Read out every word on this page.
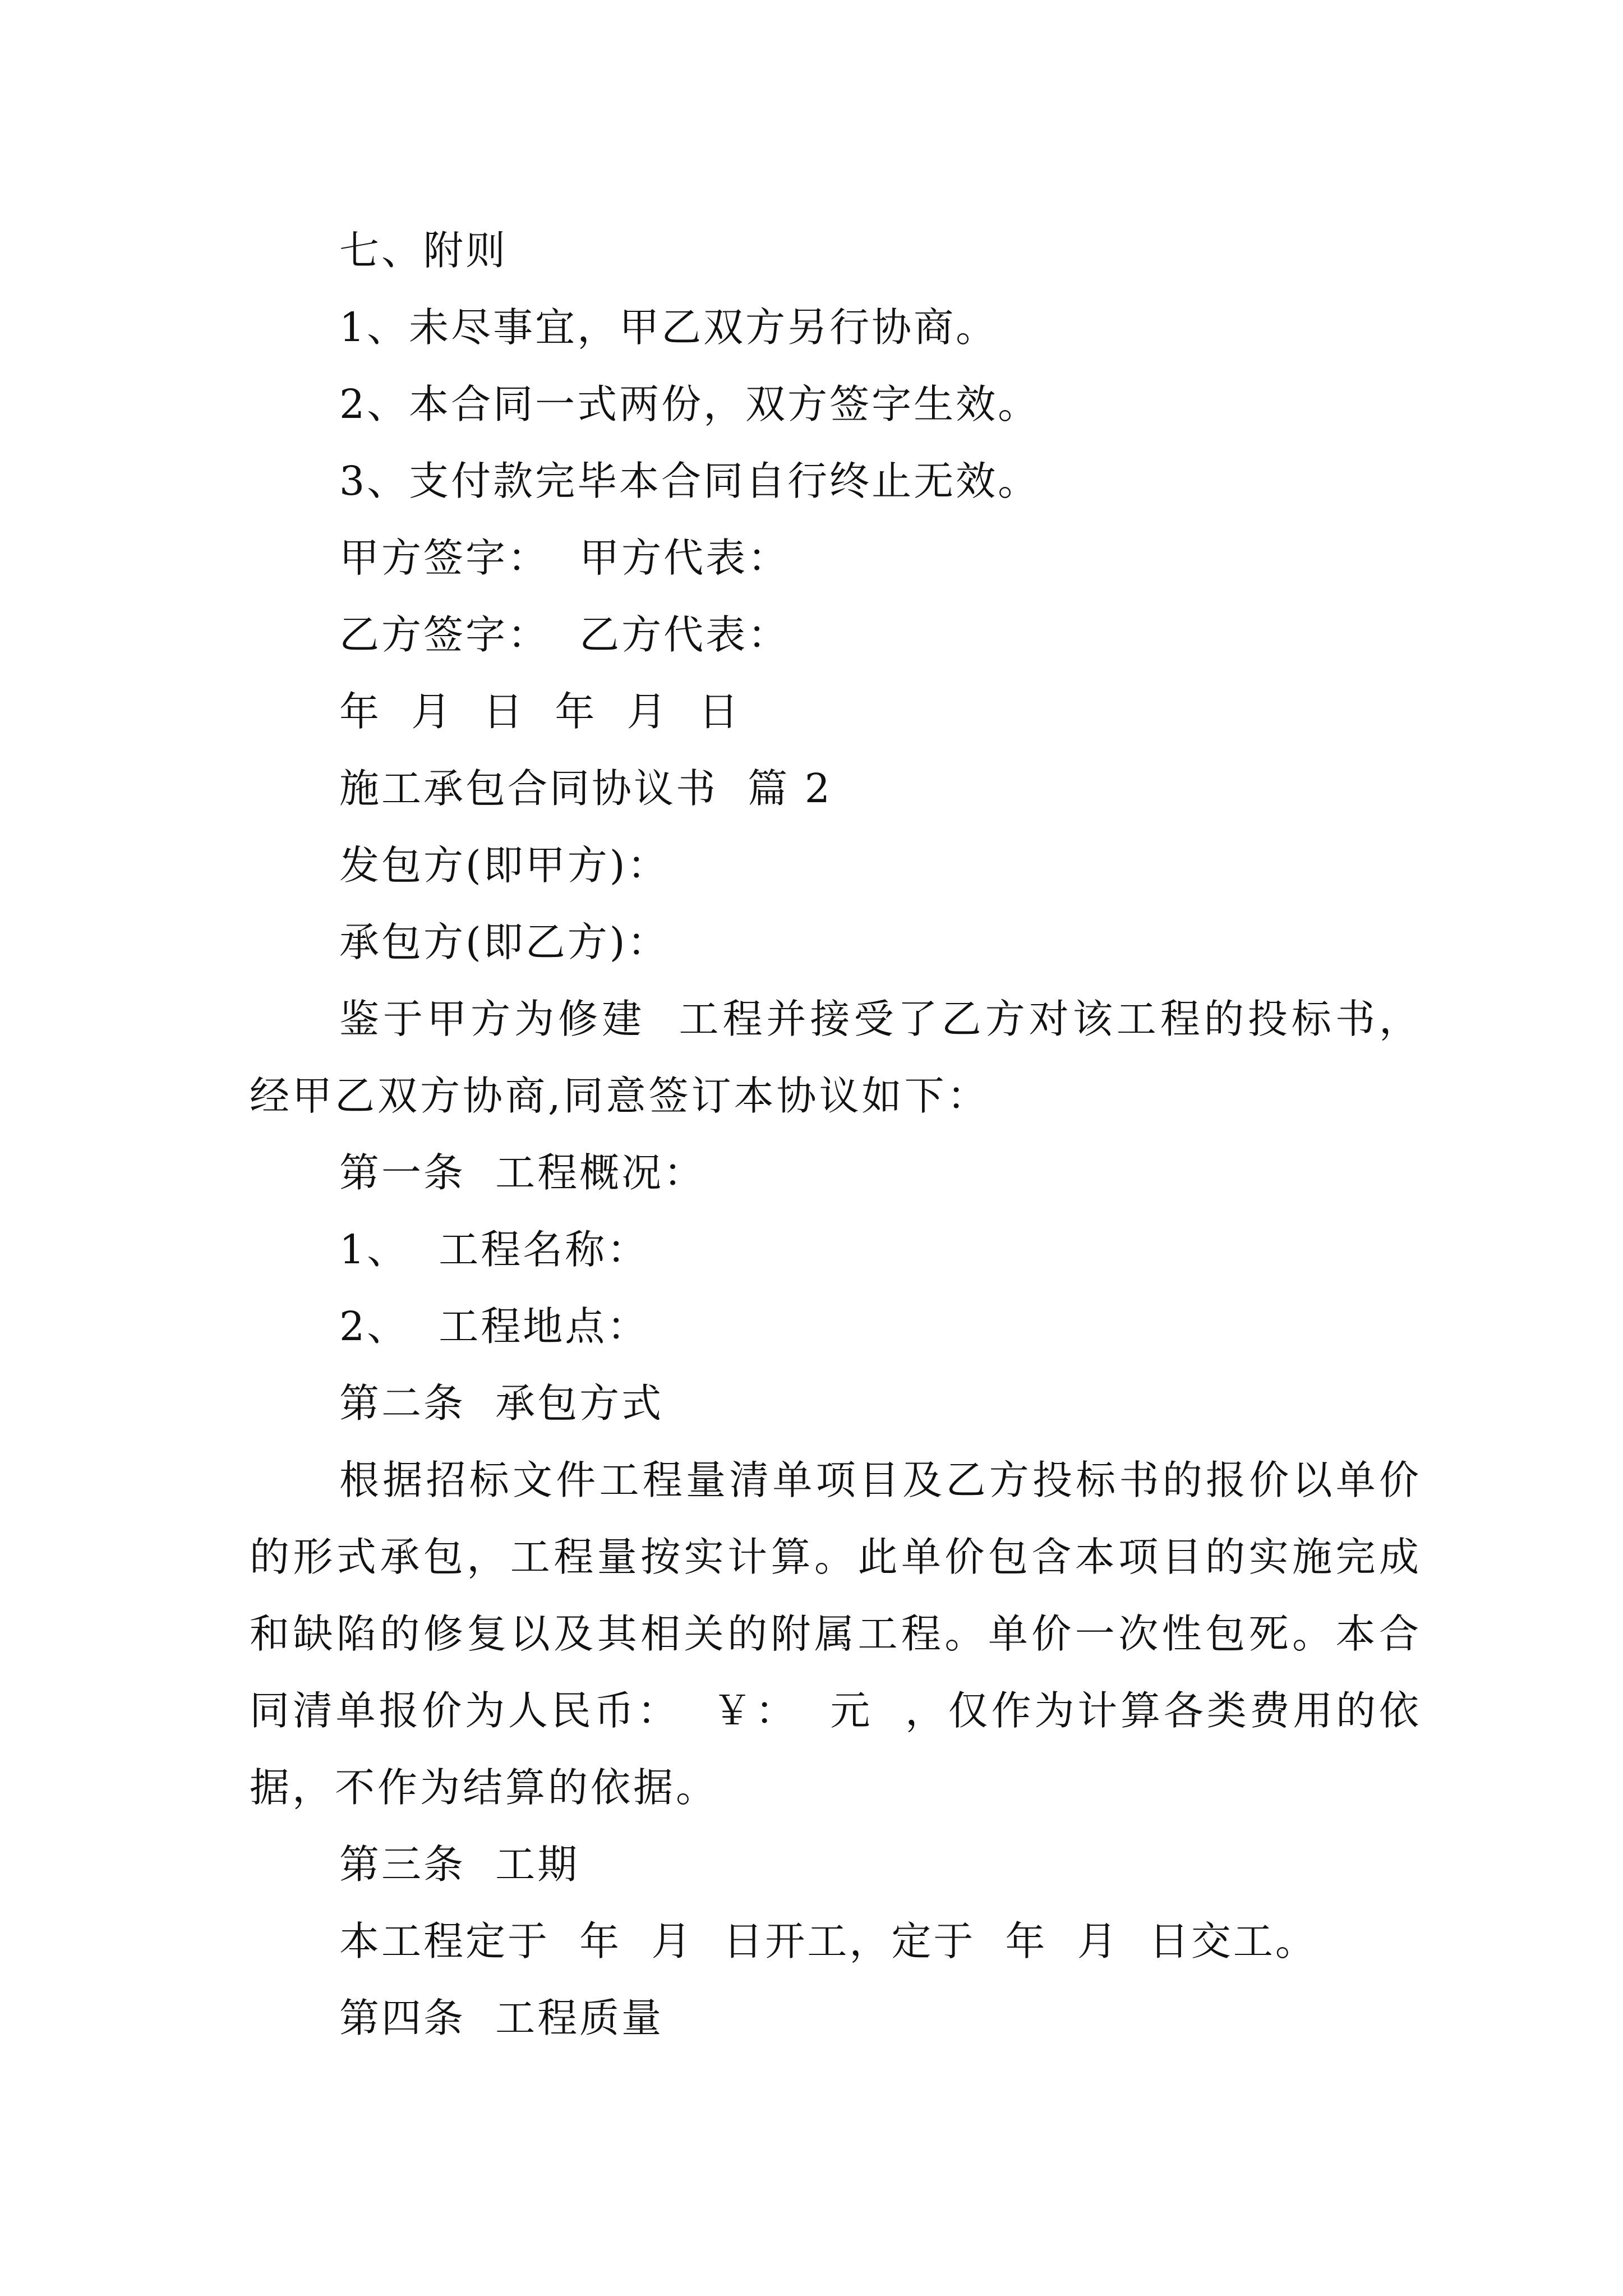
七、附则

1、未尽事宜，甲乙双方另行协商。

2、本合同一式两份，双方签字生效。

3、支付款完毕本合同自行终止无效。

甲方签字：  甲方代表：

乙方签字：  乙方代表：

年  月  日  年  月  日

施工承包合同协议书  篇 2

发包方(即甲方)：

承包方(即乙方)：

鉴于甲方为修建  工程并接受了乙方对该工程的投标书，经甲乙双方协商,同意签订本协议如下：

第一条  工程概况：

1、  工程名称：

2、  工程地点：

第二条  承包方式

根据招标文件工程量清单项目及乙方投标书的报价以单价的形式承包，工程量按实计算。此单价包含本项目的实施完成和缺陷的修复以及其相关的附属工程。单价一次性包死。本合同清单报价为人民币：  ￥：  元  ，仅作为计算各类费用的依据，不作为结算的依据。

第三条  工期

本工程定于  年  月  日开工，定于  年  月  日交工。

第四条  工程质量
